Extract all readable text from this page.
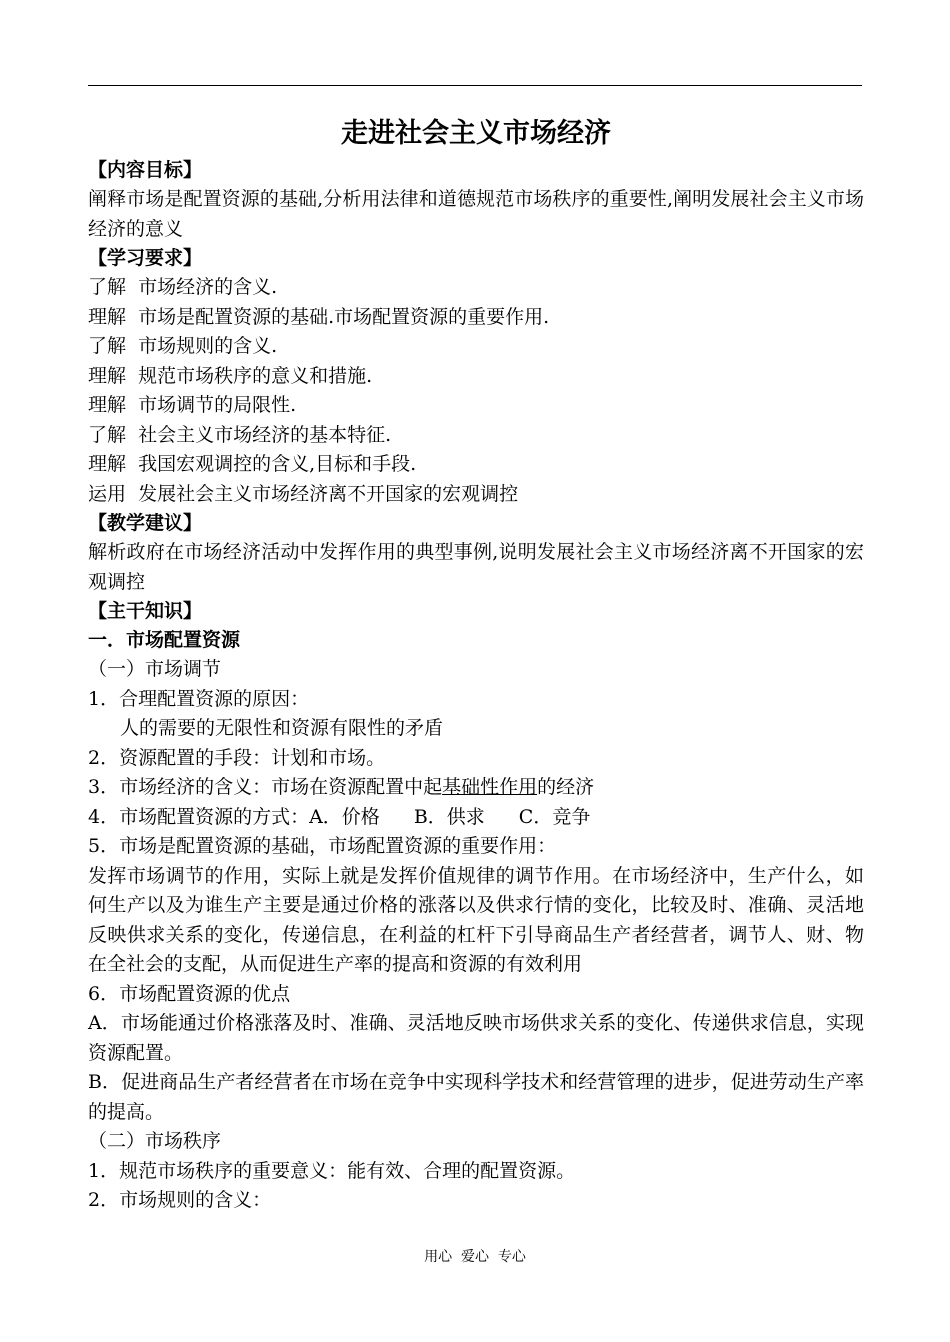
走进社会主义市场经济

【内容目标】

阐释市场是配置资源的基础,分析用法律和道德规范市场秩序的重要性,阐明发展社会主义市场经济的意义

【学习要求】

了解  市场经济的含义.

理解  市场是配置资源的基础.市场配置资源的重要作用.

了解  市场规则的含义.

理解  规范市场秩序的意义和措施.

理解  市场调节的局限性.

了解  社会主义市场经济的基本特征.

理解  我国宏观调控的含义,目标和手段.

运用  发展社会主义市场经济离不开国家的宏观调控

【教学建议】

解析政府在市场经济活动中发挥作用的典型事例,说明发展社会主义市场经济离不开国家的宏观调控

【主干知识】

一．市场配置资源

（一）市场调节

1．合理配置资源的原因：

人的需要的无限性和资源有限性的矛盾

2．资源配置的手段：计划和市场。

3．市场经济的含义：市场在资源配置中起基础性作用的经济

4．市场配置资源的方式：A．价格 B．供求 C．竞争

5．市场是配置资源的基础，市场配置资源的重要作用：

发挥市场调节的作用，实际上就是发挥价值规律的调节作用。在市场经济中，生产什么，如何生产以及为谁生产主要是通过价格的涨落以及供求行情的变化，比较及时、准确、灵活地反映供求关系的变化，传递信息，在利益的杠杆下引导商品生产者经营者，调节人、财、物在全社会的支配，从而促进生产率的提高和资源的有效利用

6．市场配置资源的优点

A．市场能通过价格涨落及时、准确、灵活地反映市场供求关系的变化、传递供求信息，实现资源配置。

B．促进商品生产者经营者在市场在竞争中实现科学技术和经营管理的进步，促进劳动生产率的提高。

（二）市场秩序

1．规范市场秩序的重要意义：能有效、合理的配置资源。

2．市场规则的含义：

用心  爱心  专心
